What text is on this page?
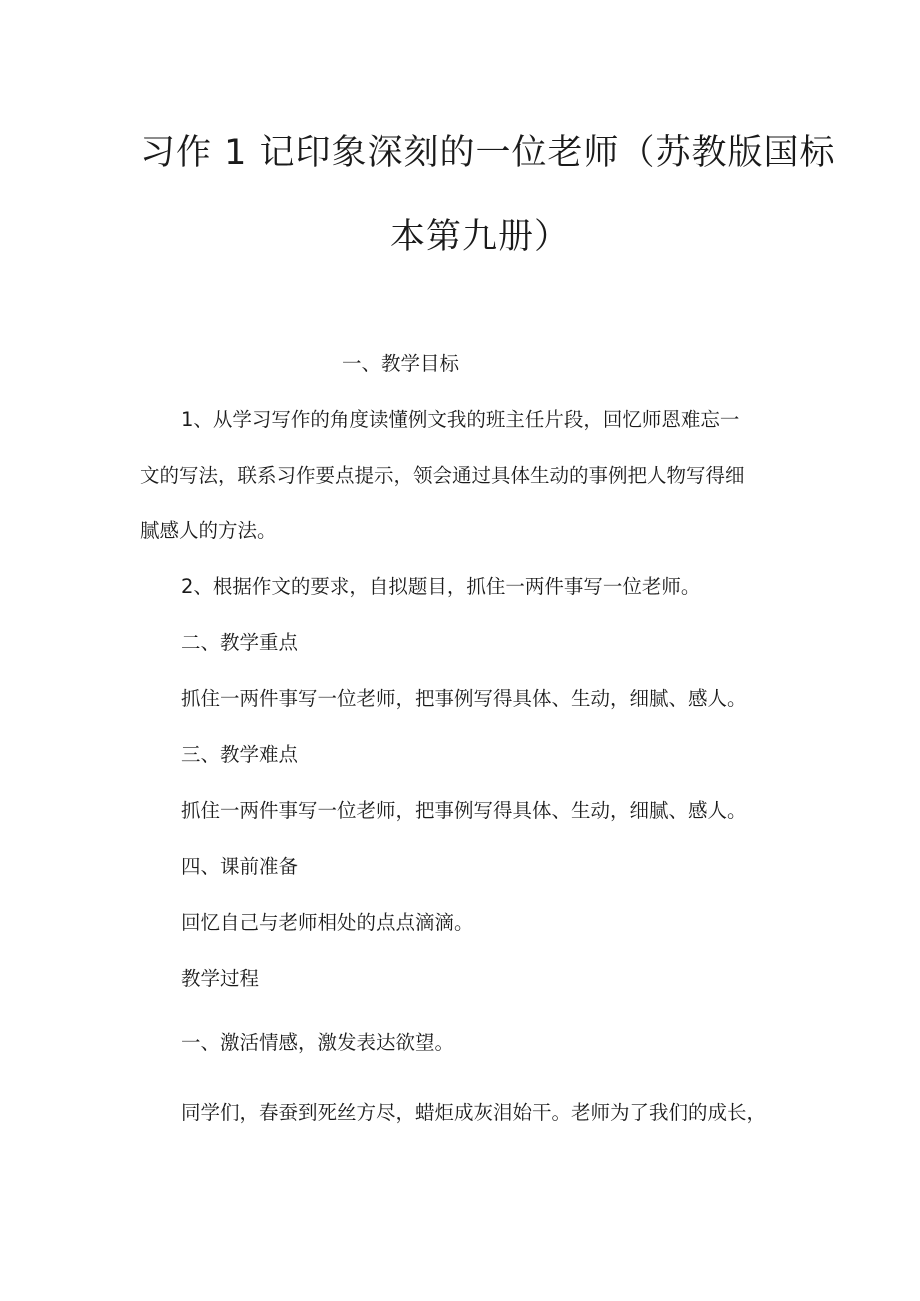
习作 1 记印象深刻的一位老师（苏教版国标
本第九册）
一、教学目标
1、从学习写作的角度读懂例文我的班主任片段，回忆师恩难忘一
文的写法，联系习作要点提示，领会通过具体生动的事例把人物写得细
腻感人的方法。
2、根据作文的要求，自拟题目，抓住一两件事写一位老师。
二、教学重点
抓住一两件事写一位老师，把事例写得具体、生动，细腻、感人。
三、教学难点
抓住一两件事写一位老师，把事例写得具体、生动，细腻、感人。
四、课前准备
回忆自己与老师相处的点点滴滴。
教学过程
一、激活情感，激发表达欲望。
同学们，春蚕到死丝方尽，蜡炬成灰泪始干。老师为了我们的成长，
